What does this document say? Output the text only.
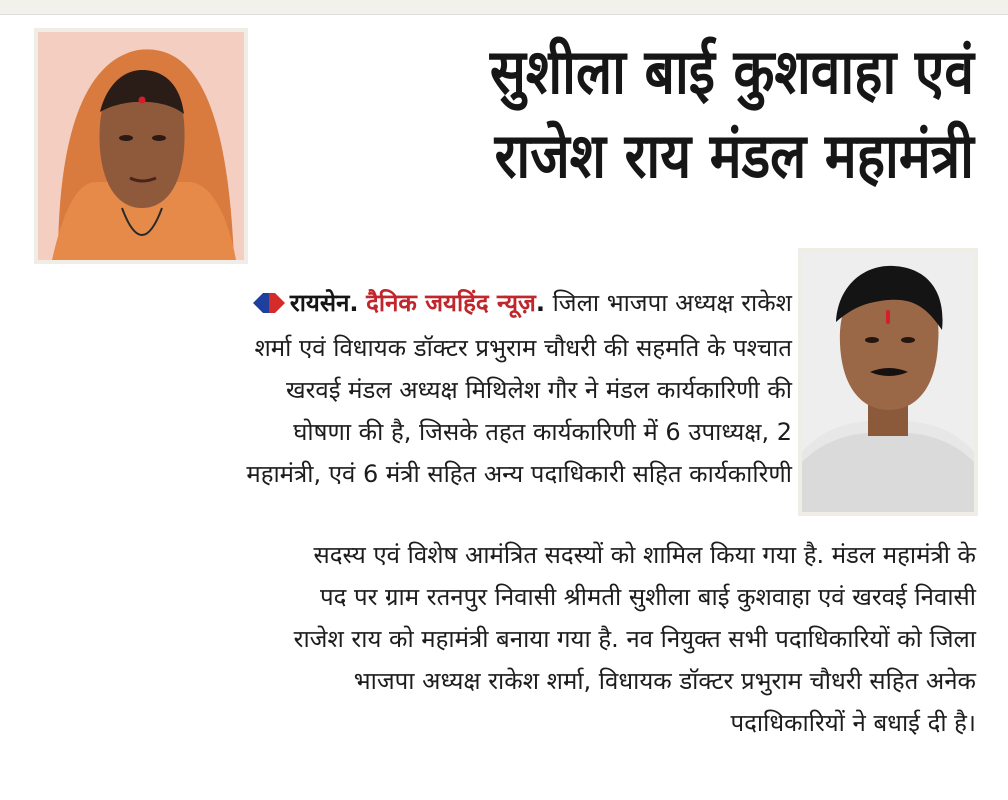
सुशीला बाई कुशवाहा एवं
राजेश राय मंडल महामंत्री
रायसेन. दैनिक जयहिंद न्यूज़. जिला भाजपा अध्यक्ष राकेश
शर्मा एवं विधायक डॉक्टर प्रभुराम चौधरी की सहमति के पश्चात
खरवई मंडल अध्यक्ष मिथिलेश गौर ने मंडल कार्यकारिणी की
घोषणा की है, जिसके तहत कार्यकारिणी में 6 उपाध्यक्ष, 2
महामंत्री, एवं 6 मंत्री सहित अन्य पदाधिकारी सहित कार्यकारिणी
सदस्य एवं विशेष आमंत्रित सदस्यों को शामिल किया गया है. मंडल महामंत्री के
पद पर ग्राम रतनपुर निवासी श्रीमती सुशीला बाई कुशवाहा एवं खरवई निवासी
राजेश राय को महामंत्री बनाया गया है. नव नियुक्त सभी पदाधिकारियों को जिला
भाजपा अध्यक्ष राकेश शर्मा, विधायक डॉक्टर प्रभुराम चौधरी सहित अनेक
पदाधिकारियों ने बधाई दी है।
